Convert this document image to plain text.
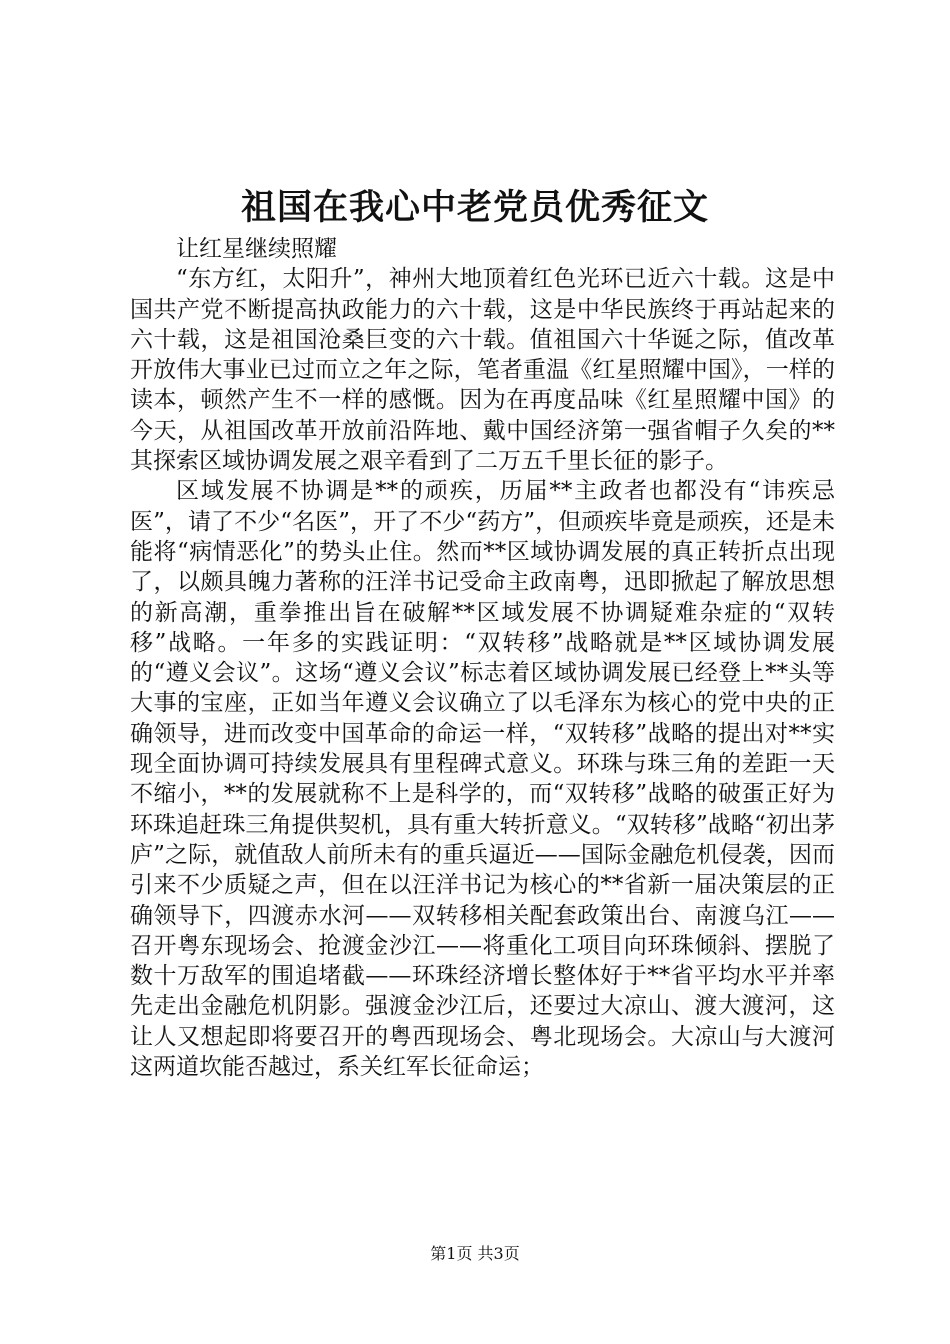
祖国在我心中老党员优秀征文

让红星继续照耀

“东方红，太阳升”，神州大地顶着红色光环已近六十载。这是中国共产党不断提高执政能力的六十载，这是中华民族终于再站起来的六十载，这是祖国沧桑巨变的六十载。值祖国六十华诞之际，值改革开放伟大事业已过而立之年之际，笔者重温《红星照耀中国》，一样的读本，顿然产生不一样的感慨。因为在再度品味《红星照耀中国》的今天，从祖国改革开放前沿阵地、戴中国经济第一强省帽子久矣的**其探索区域协调发展之艰辛看到了二万五千里长征的影子。

区域发展不协调是**的顽疾，历届**主政者也都没有“讳疾忌医”，请了不少“名医”，开了不少“药方”，但顽疾毕竟是顽疾，还是未能将“病情恶化”的势头止住。然而**区域协调发展的真正转折点出现了，以颇具魄力著称的汪洋书记受命主政南粤，迅即掀起了解放思想的新高潮，重拳推出旨在破解**区域发展不协调疑难杂症的“双转移”战略。一年多的实践证明：“双转移”战略就是**区域协调发展的“遵义会议”。这场“遵义会议”标志着区域协调发展已经登上**头等大事的宝座，正如当年遵义会议确立了以毛泽东为核心的党中央的正确领导，进而改变中国革命的命运一样，“双转移”战略的提出对**实现全面协调可持续发展具有里程碑式意义。环珠与珠三角的差距一天不缩小，**的发展就称不上是科学的，而“双转移”战略的破蛋正好为环珠追赶珠三角提供契机，具有重大转折意义。“双转移”战略“初出茅庐”之际，就值敌人前所未有的重兵逼近——国际金融危机侵袭，因而引来不少质疑之声，但在以汪洋书记为核心的**省新一届决策层的正确领导下，四渡赤水河——双转移相关配套政策出台、南渡乌江——召开粤东现场会、抢渡金沙江——将重化工项目向环珠倾斜、摆脱了数十万敌军的围追堵截——环珠经济增长整体好于**省平均水平并率先走出金融危机阴影。强渡金沙江后，还要过大凉山、渡大渡河，这让人又想起即将要召开的粤西现场会、粤北现场会。大凉山与大渡河这两道坎能否越过，系关红军长征命运；

第1页 共3页
